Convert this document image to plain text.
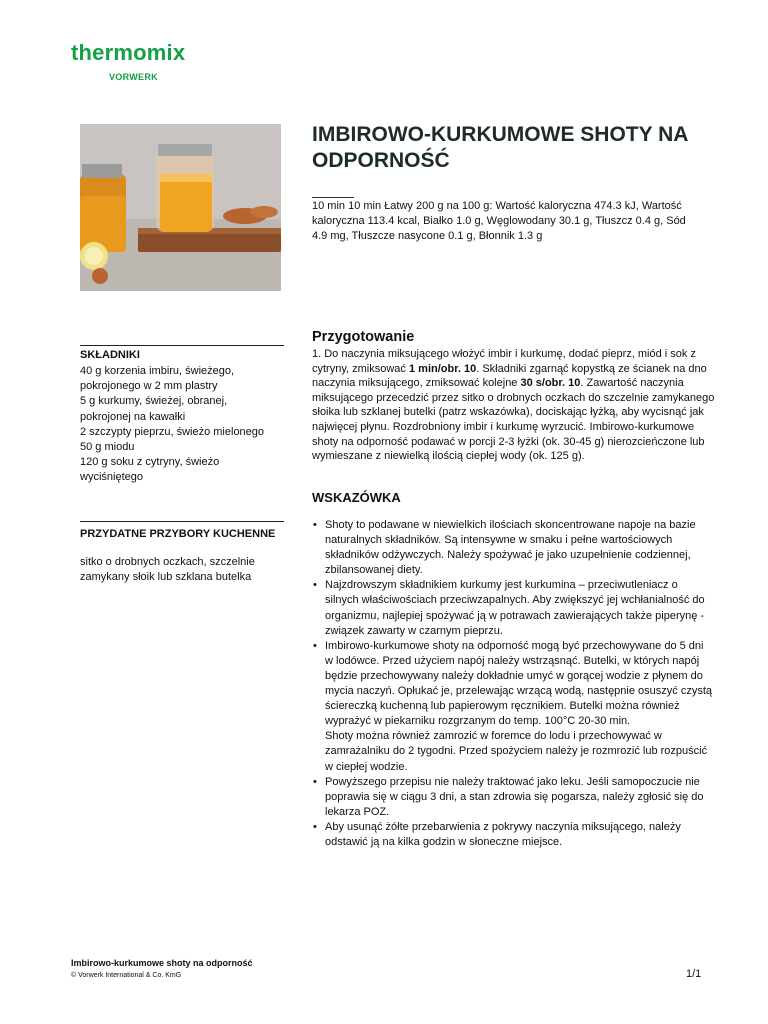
thermomix
VORWERK
IMBIROWO-KURKUMOWE SHOTY NA ODPORNOŚĆ
10 min 10 min Łatwy 200 g na 100 g: Wartość kaloryczna 474.3 kJ, Wartość kaloryczna 113.4 kcal, Białko 1.0 g, Węglowodany 30.1 g, Tłuszcz 0.4 g, Sód 4.9 mg, Tłuszcze nasycone 0.1 g, Błonnik 1.3 g
SKŁADNIKI
40 g korzenia imbiru, świeżego, pokrojonego w 2 mm plastry
5 g kurkumy, świeżej, obranej, pokrojonej na kawałki
2 szczypty pieprzu, świeżo mielonego
50 g miodu
120 g soku z cytryny, świeżo wyciśniętego
PRZYDATNE PRZYBORY KUCHENNE
sitko o drobnych oczkach, szczelnie zamykany słoik lub szklana butelka
Przygotowanie
1. Do naczynia miksującego włożyć imbir i kurkumę, dodać pieprz, miód i sok z cytryny, zmiksować 1 min/obr. 10. Składniki zgarnąć kopystką ze ścianek na dno naczynia miksującego, zmiksować kolejne 30 s/obr. 10. Zawartość naczynia miksującego przecedzić przez sitko o drobnych oczkach do szczelnie zamykanego słoika lub szklanej butelki (patrz wskazówka), dociskając łyżką, aby wycisnąć jak najwięcej płynu. Rozdrobniony imbir i kurkumę wyrzucić. Imbirowo-kurkumowe shoty na odporność podawać w porcji 2-3 łyżki (ok. 30-45 g) nierozcieńczone lub wymieszane z niewielką ilością ciepłej wody (ok. 125 g).
WSKAZÓWKA
• Shoty to podawane w niewielkich ilościach skoncentrowane napoje na bazie naturalnych składników. Są intensywne w smaku i pełne wartościowych składników odżywczych. Należy spożywać je jako uzupełnienie codziennej, zbilansowanej diety.
• Najzdrowszym składnikiem kurkumy jest kurkumina – przeciwutleniacz o silnych właściwościach przeciwzapalnych. Aby zwiększyć jej wchłanialność do organizmu, najlepiej spożywać ją w potrawach zawierających także piperynę - związek zawarty w czarnym pieprzu.
• Imbirowo-kurkumowe shoty na odporność mogą być przechowywane do 5 dni w lodówce. Przed użyciem napój należy wstrząsnąć. Butelki, w których napój będzie przechowywany należy dokładnie umyć w gorącej wodzie z płynem do mycia naczyń. Opłukać je, przelewając wrzącą wodą, następnie osuszyć czystą ściereczką kuchenną lub papierowym ręcznikiem. Butelki można również wyprażyć w piekarniku rozgrzanym do temp. 100°C 20-30 min.
Shoty można również zamrozić w foremce do lodu i przechowywać w zamrażalniku do 2 tygodni. Przed spożyciem należy je rozmrozić lub rozpuścić w ciepłej wodzie.
• Powyższego przepisu nie należy traktować jako leku. Jeśli samopoczucie nie poprawia się w ciągu 3 dni, a stan zdrowia się pogarsza, należy zgłosić się do lekarza POZ.
• Aby usunąć żółte przebarwienia z pokrywy naczynia miksującego, należy odstawić ją na kilka godzin w słoneczne miejsce.
Imbirowo-kurkumowe shoty na odporność
© Vorwerk International & Co. KmG	1/1
